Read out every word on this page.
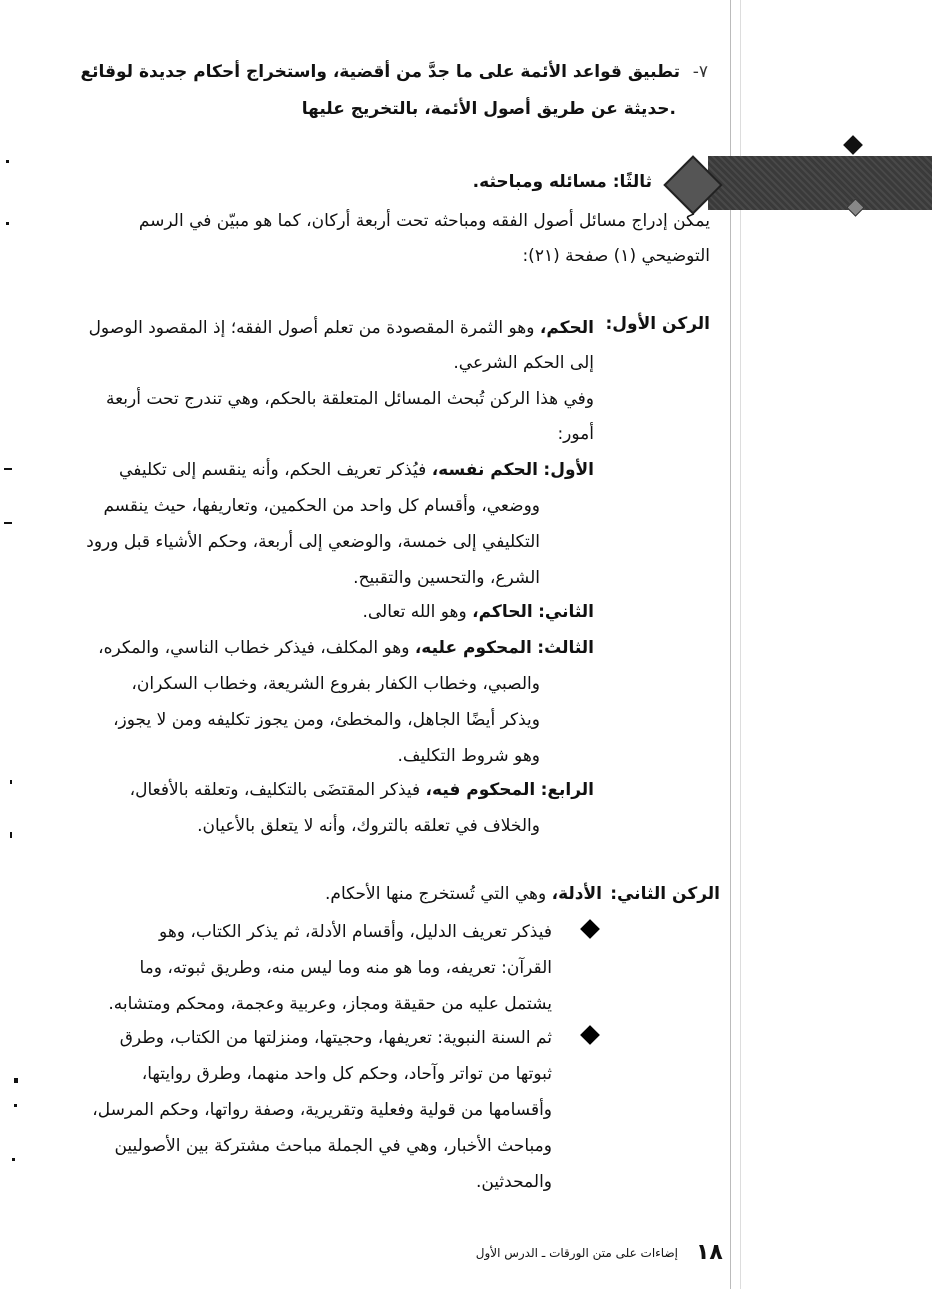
تطبيق قواعد الأئمة على ما جدَّ من أقضية، واستخراج أحكام جديدة لوقائع -٧
حديثة عن طريق أصول الأئمة، بالتخريج عليها.
ثالثًا: مسائله ومباحثه.
يمكن إدراج مسائل أصول الفقه ومباحثه تحت أربعة أركان، كما هو مبيّن في الرسم
التوضيحي (١) صفحة (٢١):
الركن الأول:
الحكم، وهو الثمرة المقصودة من تعلم أصول الفقه؛ إذ المقصود الوصول
إلى الحكم الشرعي.
وفي هذا الركن تُبحث المسائل المتعلقة بالحكم، وهي تندرج تحت أربعة
أمور:
الأول: الحكم نفسه، فيُذكر تعريف الحكم، وأنه ينقسم إلى تكليفي
ووضعي، وأقسام كل واحد من الحكمين، وتعاريفها، حيث ينقسم
التكليفي إلى خمسة، والوضعي إلى أربعة، وحكم الأشياء قبل ورود
الشرع، والتحسين والتقبيح.
الثاني: الحاكم، وهو الله تعالى.
الثالث: المحكوم عليه، وهو المكلف، فيذكر خطاب الناسي، والمكره،
والصبي، وخطاب الكفار بفروع الشريعة، وخطاب السكران،
ويذكر أيضًا الجاهل، والمخطئ، ومن يجوز تكليفه ومن لا يجوز،
وهو شروط التكليف.
الرابع: المحكوم فيه، فيذكر المقتضَى بالتكليف، وتعلقه بالأفعال،
والخلاف في تعلقه بالتروك، وأنه لا يتعلق بالأعيان.
الركن الثاني:
الأدلة، وهي التي تُستخرج منها الأحكام.
فيذكر تعريف الدليل، وأقسام الأدلة، ثم يذكر الكتاب، وهو
القرآن: تعريفه، وما هو منه وما ليس منه، وطريق ثبوته، وما
يشتمل عليه من حقيقة ومجاز، وعربية وعجمة، ومحكم ومتشابه.
ثم السنة النبوية: تعريفها، وحجيتها، ومنزلتها من الكتاب، وطرق
ثبوتها من تواتر وآحاد، وحكم كل واحد منهما، وطرق روايتها،
وأقسامها من قولية وفعلية وتقريرية، وصفة رواتها، وحكم المرسل،
ومباحث الأخبار، وهي في الجملة مباحث مشتركة بين الأصوليين
والمحدثين.
١٨
إضاءات على متن الورقات ـ الدرس الأول
